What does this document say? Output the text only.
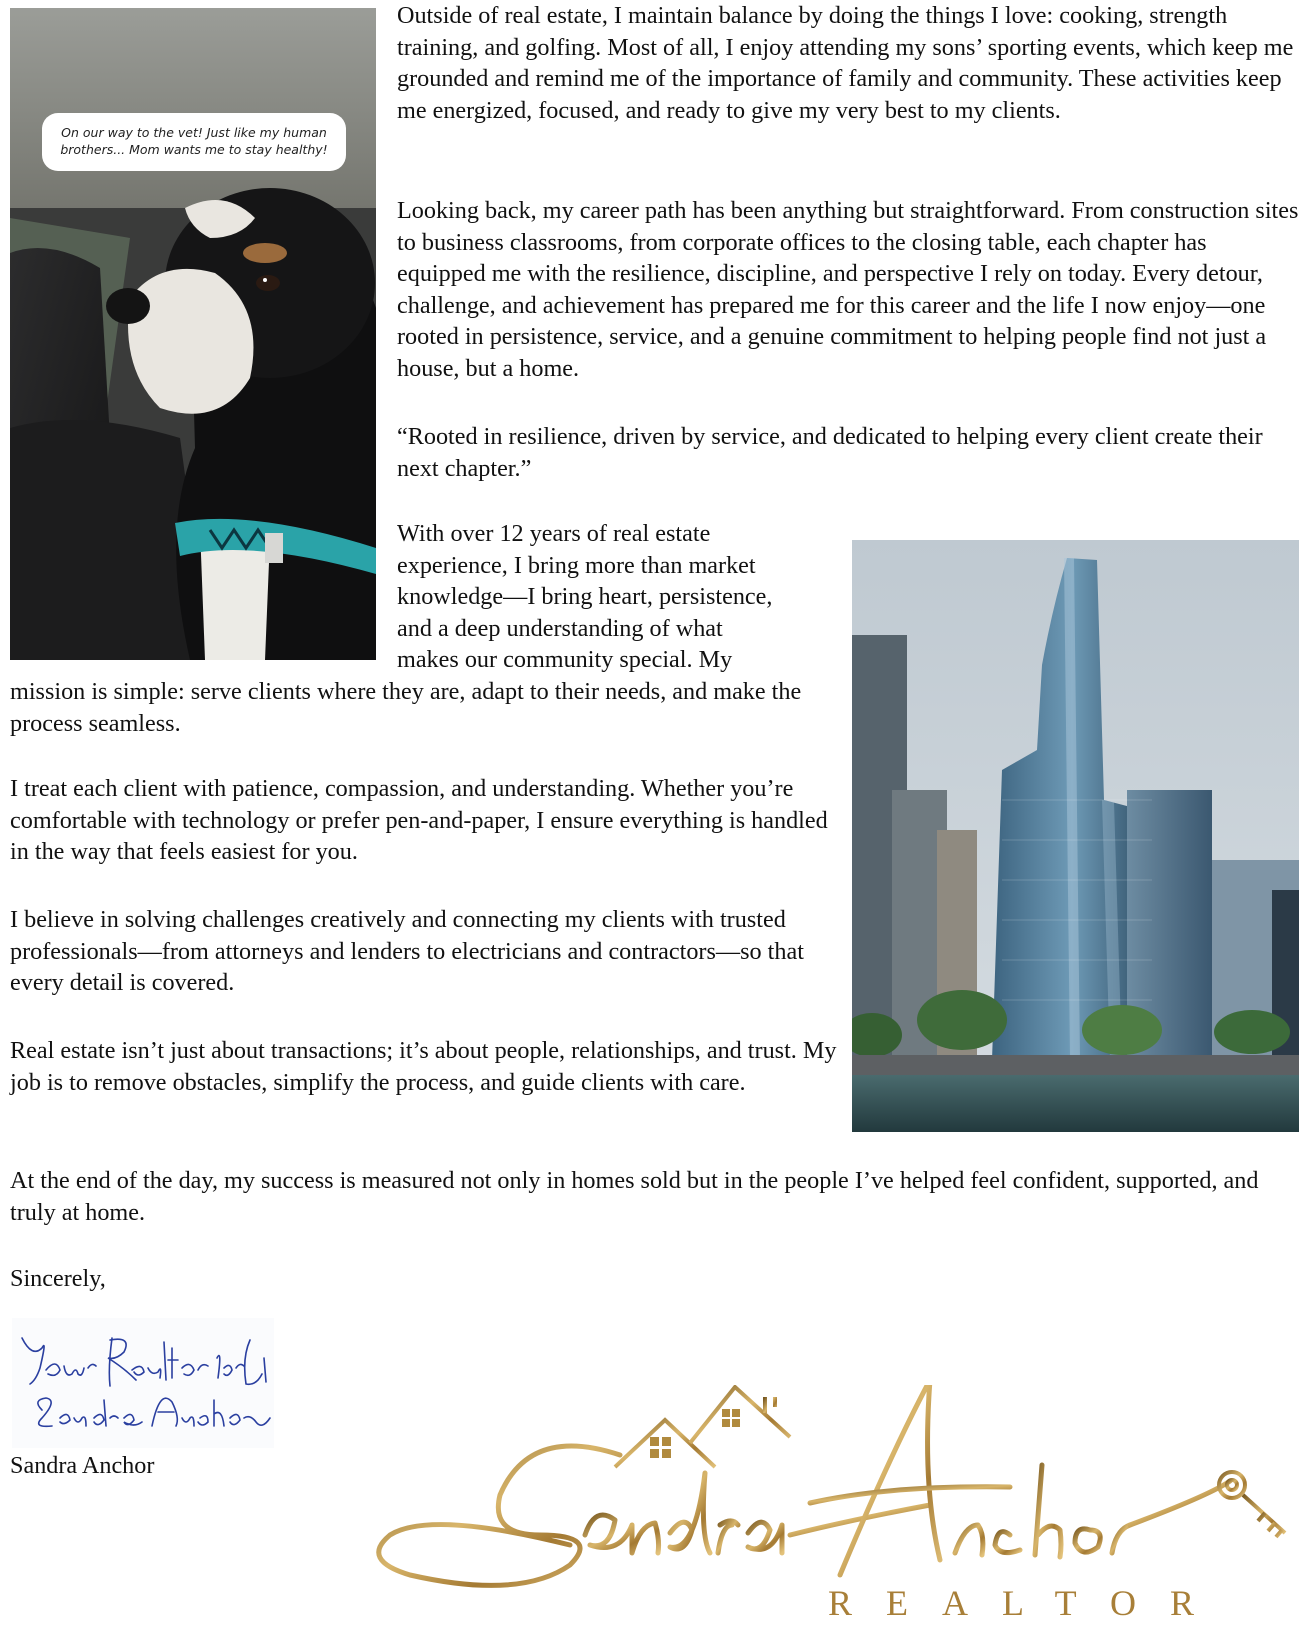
On our way to the vet! Just like my human brothers... Mom wants me to stay healthy!

Outside of real estate, I maintain balance by doing the things I love: cooking, strength training, and golfing. Most of all, I enjoy attending my sons’ sporting events, which keep me grounded and remind me of the importance of family and community. These activities keep me energized, focused, and ready to give my very best to my clients.

Looking back, my career path has been anything but straightforward. From construction sites to business classrooms, from corporate offices to the closing table, each chapter has equipped me with the resilience, discipline, and perspective I rely on today. Every detour, challenge, and achievement has prepared me for this career and the life I now enjoy—one rooted in persistence, service, and a genuine commitment to helping people find not just a house, but a home.

“Rooted in resilience, driven by service, and dedicated to helping every client create their next chapter.”

With over 12 years of real estate

experience, I bring more than market

knowledge—I bring heart, persistence,

and a deep understanding of what

makes our community special. My

mission is simple: serve clients where they are, adapt to their needs, and make the process seamless.

I treat each client with patience, compassion, and understanding. Whether you’re comfortable with technology or prefer pen-and-paper, I ensure everything is handled in the way that feels easiest for you.

I believe in solving challenges creatively and connecting my clients with trusted professionals—from attorneys and lenders to electricians and contractors—so that every detail is covered.

Real estate isn’t just about transactions; it’s about people, relationships, and trust. My job is to remove obstacles, simplify the process, and guide clients with care.

At the end of the day, my success is measured not only in homes sold but in the people I’ve helped feel confident, supported, and truly at home.

Sincerely,

Sandra Anchor

REALTOR
